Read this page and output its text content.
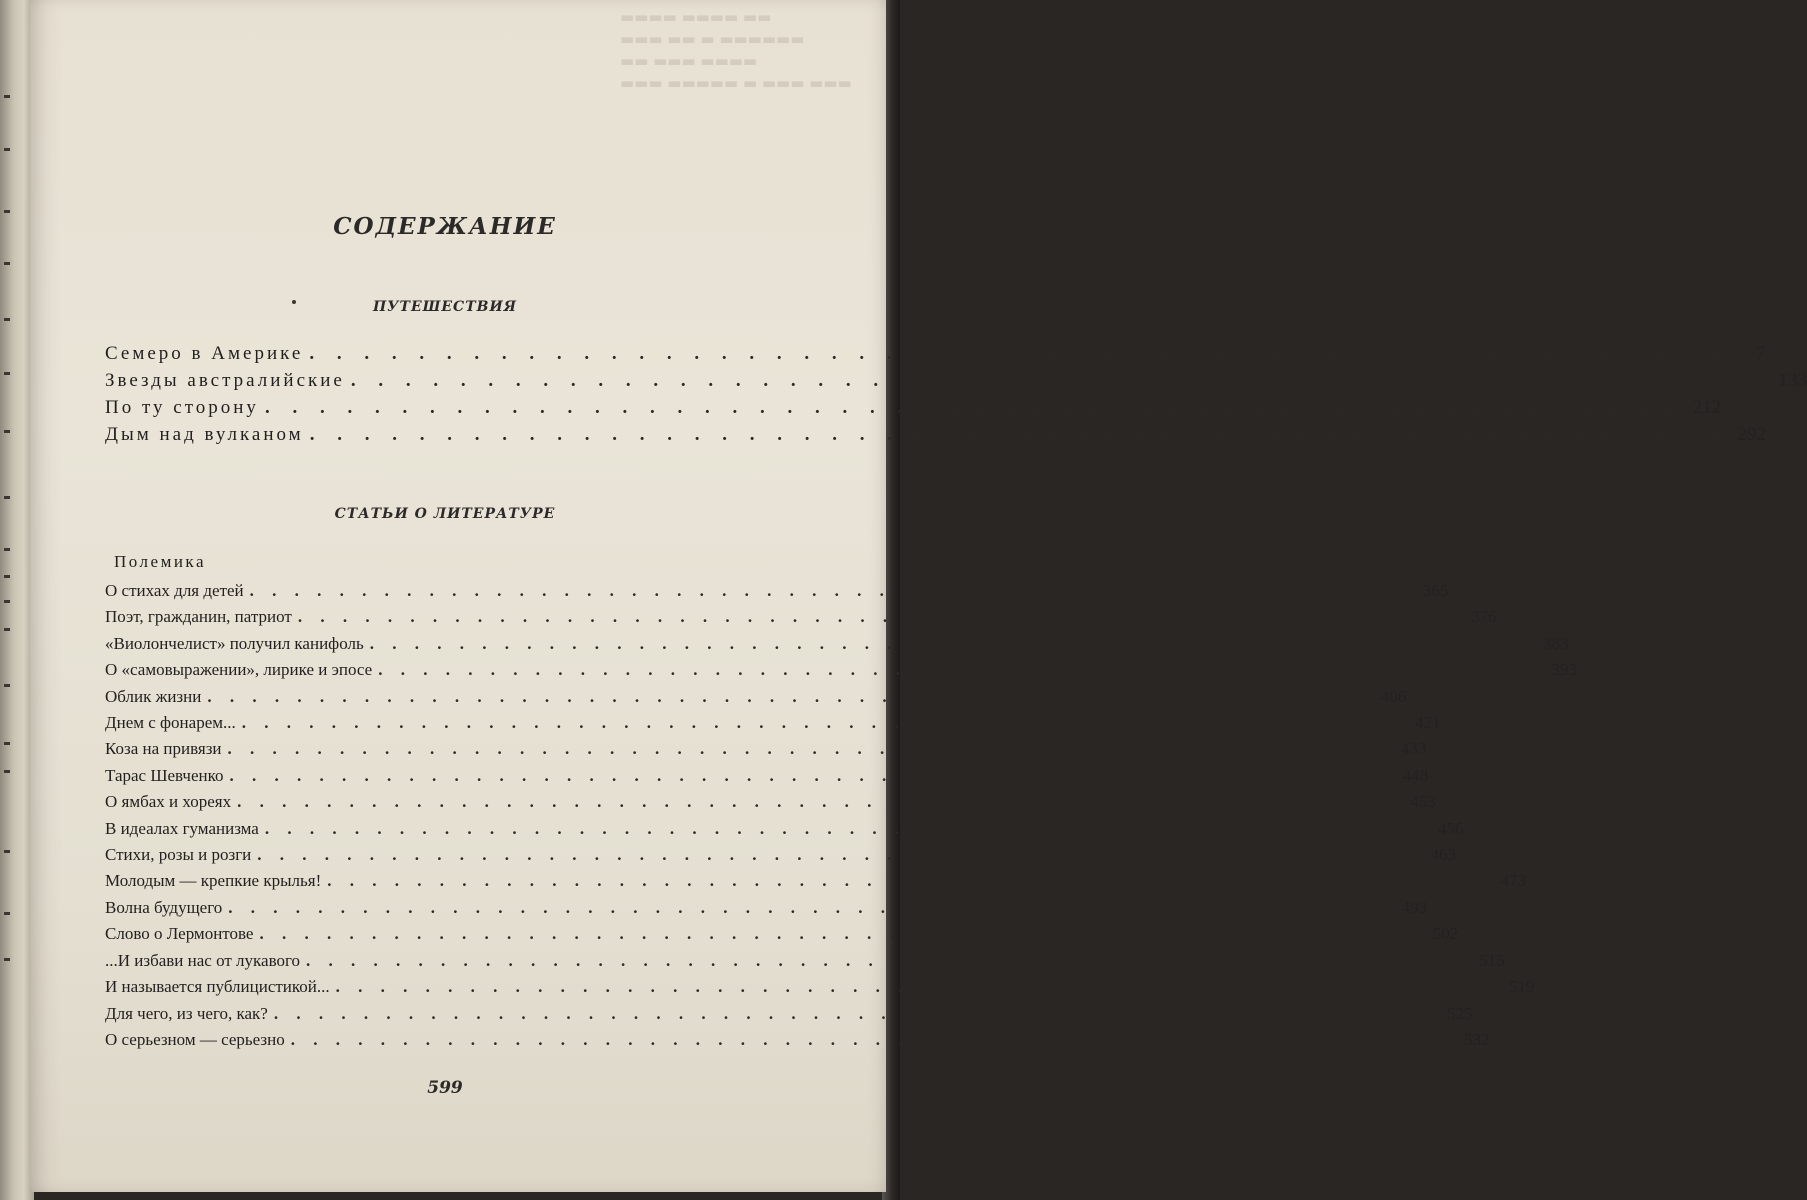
▬▬▬▬ ▬▬▬▬ ▬▬
▬▬▬ ▬▬ ▬ ▬▬▬▬▬▬
▬▬ ▬▬▬ ▬▬▬▬
▬▬▬ ▬▬▬▬▬ ▬ ▬▬▬ ▬▬▬
СОДЕРЖАНИЕ
ПУТЕШЕСТВИЯ
Семеро в Америке . . . . . . . . . . . . . . . . . . . . . . . . . . . . . . . . . . . . . . . . . . . . . . . . . . . .	7
Звезды австралийские . . . . . . . . . . . . . . . . . . . . . . . . . . . . . . . . . . . . . . . . . . . . . . . . . . . . 133
По ту сторону . . . . . . . . . . . . . . . . . . . . . . . . . . . . . . . . . . . . . . . . . . . . . . . . . . . . 212
Дым над вулканом . . . . . . . . . . . . . . . . . . . . . . . . . . . . . . . . . . . . . . . . . . . . . . . . . . . . 292
СТАТЬИ О ЛИТЕРАТУРЕ
Полемика
О стихах для детей . . . . . . . . . . . . . . . . . . . . . . . . . . . . . . . . . . . . . . . . . . . . . . . . . . . . 365
Поэт, гражданин, патриот . . . . . . . . . . . . . . . . . . . . . . . . . . . . . . . . . . . . . . . . . . . . . . . . . . . . 376
«Виолончелист» получил канифоль . . . . . . . . . . . . . . . . . . . . . . . . . . . . . . . . . . . . . . . . . . . . . . . . . . . . 383
О «самовыражении», лирике и эпосе . . . . . . . . . . . . . . . . . . . . . . . . . . . . . . . . . . . . . . . . . . . . . . . . . . . . 393
Облик жизни . . . . . . . . . . . . . . . . . . . . . . . . . . . . . . . . . . . . . . . . . . . . . . . . . . . . 406
Днем с фонарем... . . . . . . . . . . . . . . . . . . . . . . . . . . . . . . . . . . . . . . . . . . . . . . . . . . . . 421
Коза на привязи . . . . . . . . . . . . . . . . . . . . . . . . . . . . . . . . . . . . . . . . . . . . . . . . . . . . 433
Тарас Шевченко . . . . . . . . . . . . . . . . . . . . . . . . . . . . . . . . . . . . . . . . . . . . . . . . . . . . 448
О ямбах и хореях . . . . . . . . . . . . . . . . . . . . . . . . . . . . . . . . . . . . . . . . . . . . . . . . . . . . 453
В идеалах гуманизма . . . . . . . . . . . . . . . . . . . . . . . . . . . . . . . . . . . . . . . . . . . . . . . . . . . . 456
Стихи, розы и розги . . . . . . . . . . . . . . . . . . . . . . . . . . . . . . . . . . . . . . . . . . . . . . . . . . . . 463
Молодым — крепкие крылья! . . . . . . . . . . . . . . . . . . . . . . . . . . . . . . . . . . . . . . . . . . . . . . . . . . . . 473
Волна будущего . . . . . . . . . . . . . . . . . . . . . . . . . . . . . . . . . . . . . . . . . . . . . . . . . . . . 493
Слово о Лермонтове . . . . . . . . . . . . . . . . . . . . . . . . . . . . . . . . . . . . . . . . . . . . . . . . . . . . 502
...И избави нас от лукавого . . . . . . . . . . . . . . . . . . . . . . . . . . . . . . . . . . . . . . . . . . . . . . . . . . . . 515
И называется публицистикой... . . . . . . . . . . . . . . . . . . . . . . . . . . . . . . . . . . . . . . . . . . . . . . . . . . . . 519
Для чего, из чего, как? . . . . . . . . . . . . . . . . . . . . . . . . . . . . . . . . . . . . . . . . . . . . . . . . . . . . 525
О серьезном — серьезно . . . . . . . . . . . . . . . . . . . . . . . . . . . . . . . . . . . . . . . . . . . . . . . . . . . . 532
599
